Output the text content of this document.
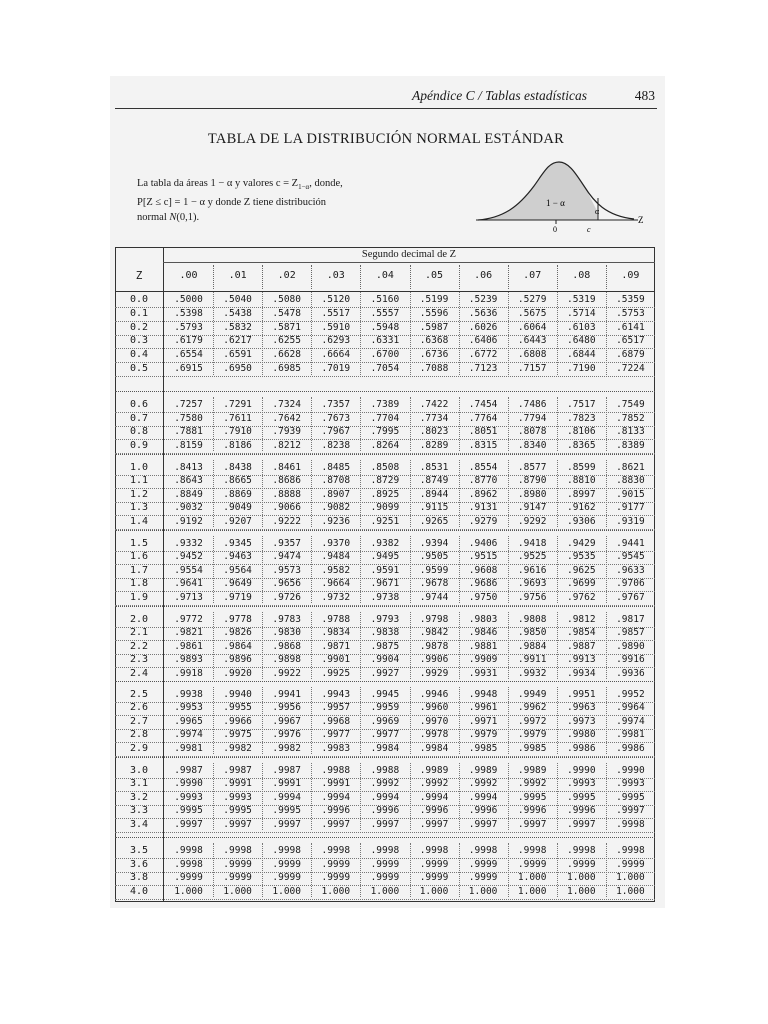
Apéndice C / Tablas estadísticas	483
TABLA DE LA DISTRIBUCIÓN NORMAL ESTÁNDAR
La tabla da áreas 1 − α y valores $c = Z_{1-\alpha}$, donde,
P[Z ≤ c] = 1 − α y donde Z tiene distribución
normal N(0,1).
1 − α
α
Z
0	c
Segundo decimal de Z
Z	.00	.01	.02	.03	.04	.05	.06	.07	.08	.09
0.0	.5000	.5040	.5080	.5120	.5160	.5199	.5239	.5279	.5319	.5359
0.1	.5398	.5438	.5478	.5517	.5557	.5596	.5636	.5675	.5714	.5753
0.2	.5793	.5832	.5871	.5910	.5948	.5987	.6026	.6064	.6103	.6141
0.3	.6179	.6217	.6255	.6293	.6331	.6368	.6406	.6443	.6480	.6517
0.4	.6554	.6591	.6628	.6664	.6700	.6736	.6772	.6808	.6844	.6879
0.5	.6915	.6950	.6985	.7019	.7054	.7088	.7123	.7157	.7190	.7224
0.6	.7257	.7291	.7324	.7357	.7389	.7422	.7454	.7486	.7517	.7549
0.7	.7580	.7611	.7642	.7673	.7704	.7734	.7764	.7794	.7823	.7852
0.8	.7881	.7910	.7939	.7967	.7995	.8023	.8051	.8078	.8106	.8133
0.9	.8159	.8186	.8212	.8238	.8264	.8289	.8315	.8340	.8365	.8389
1.0	.8413	.8438	.8461	.8485	.8508	.8531	.8554	.8577	.8599	.8621
1.1	.8643	.8665	.8686	.8708	.8729	.8749	.8770	.8790	.8810	.8830
1.2	.8849	.8869	.8888	.8907	.8925	.8944	.8962	.8980	.8997	.9015
1.3	.9032	.9049	.9066	.9082	.9099	.9115	.9131	.9147	.9162	.9177
1.4	.9192	.9207	.9222	.9236	.9251	.9265	.9279	.9292	.9306	.9319
1.5	.9332	.9345	.9357	.9370	.9382	.9394	.9406	.9418	.9429	.9441
1.6	.9452	.9463	.9474	.9484	.9495	.9505	.9515	.9525	.9535	.9545
1.7	.9554	.9564	.9573	.9582	.9591	.9599	.9608	.9616	.9625	.9633
1.8	.9641	.9649	.9656	.9664	.9671	.9678	.9686	.9693	.9699	.9706
1.9	.9713	.9719	.9726	.9732	.9738	.9744	.9750	.9756	.9762	.9767
2.0	.9772	.9778	.9783	.9788	.9793	.9798	.9803	.9808	.9812	.9817
2.1	.9821	.9826	.9830	.9834	.9838	.9842	.9846	.9850	.9854	.9857
2.2	.9861	.9864	.9868	.9871	.9875	.9878	.9881	.9884	.9887	.9890
2.3	.9893	.9896	.9898	.9901	.9904	.9906	.9909	.9911	.9913	.9916
2.4	.9918	.9920	.9922	.9925	.9927	.9929	.9931	.9932	.9934	.9936
2.5	.9938	.9940	.9941	.9943	.9945	.9946	.9948	.9949	.9951	.9952
2.6	.9953	.9955	.9956	.9957	.9959	.9960	.9961	.9962	.9963	.9964
2.7	.9965	.9966	.9967	.9968	.9969	.9970	.9971	.9972	.9973	.9974
2.8	.9974	.9975	.9976	.9977	.9977	.9978	.9979	.9979	.9980	.9981
2.9	.9981	.9982	.9982	.9983	.9984	.9984	.9985	.9985	.9986	.9986
3.0	.9987	.9987	.9987	.9988	.9988	.9989	.9989	.9989	.9990	.9990
3.1	.9990	.9991	.9991	.9991	.9992	.9992	.9992	.9992	.9993	.9993
3.2	.9993	.9993	.9994	.9994	.9994	.9994	.9994	.9995	.9995	.9995
3.3	.9995	.9995	.9995	.9996	.9996	.9996	.9996	.9996	.9996	.9997
3.4	.9997	.9997	.9997	.9997	.9997	.9997	.9997	.9997	.9997	.9998
3.5	.9998	.9998	.9998	.9998	.9998	.9998	.9998	.9998	.9998	.9998
3.6	.9998	.9999	.9999	.9999	.9999	.9999	.9999	.9999	.9999	.9999
3.8	.9999	.9999	.9999	.9999	.9999	.9999	.9999	1.000	1.000	1.000
4.0	1.000	1.000	1.000	1.000	1.000	1.000	1.000	1.000	1.000	1.000
